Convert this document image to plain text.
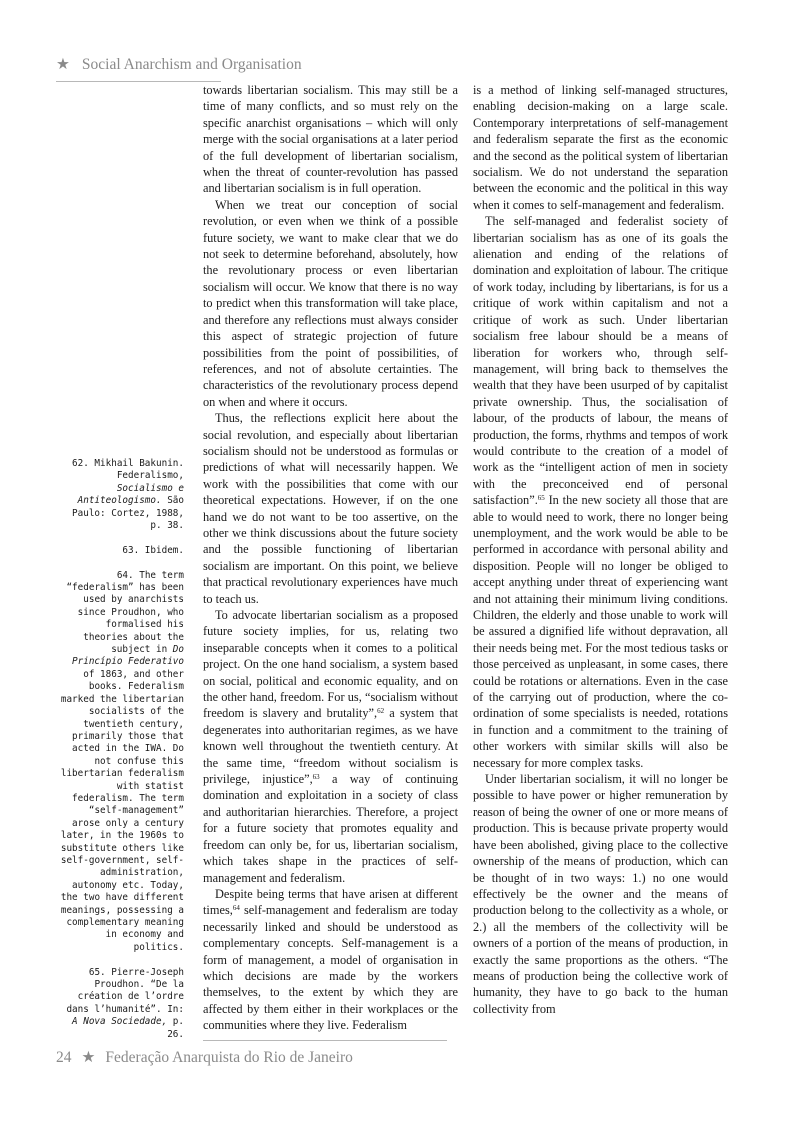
★ Social Anarchism and Organisation
62. Mikhail Bakunin. Federalismo, Socialismo e Antiteologismo. São Paulo: Cortez, 1988, p. 38.
63. Ibidem.
64. The term “federalism” has been used by anarchists since Proudhon, who formalised his theories about the subject in Do Princípio Federativo of 1863, and other books. Federalism marked the libertarian socialists of the twentieth century, primarily those that acted in the IWA. Do not confuse this libertarian federalism with statist federalism. The term “self-management” arose only a century later, in the 1960s to substitute others like self-government, self-administration, autonomy etc. Today, the two have different meanings, possessing a complementary meaning in economy and politics.
65. Pierre-Joseph Proudhon. “De la création de l’ordre dans l’humanité”. In: A Nova Sociedade, p. 26.

towards libertarian socialism. This may still be a time of many conflicts, and so must rely on the specific anarchist organisations – which will only merge with the social organisations at a later period of the full development of libertarian socialism, when the threat of counter-revolution has passed and libertarian socialism is in full operation.

When we treat our conception of social revolution, or even when we think of a possible future society, we want to make clear that we do not seek to determine beforehand, absolutely, how the revolutionary process or even libertarian socialism will occur. We know that there is no way to predict when this transformation will take place, and therefore any reflections must always consider this aspect of strategic projection of future possibilities from the point of possibilities, of references, and not of absolute certainties. The characteristics of the revolutionary process depend on when and where it occurs.

Thus, the reflections explicit here about the social revolution, and especially about libertarian socialism should not be understood as formulas or predictions of what will necessarily happen. We work with the possibilities that come with our theoretical expectations. However, if on the one hand we do not want to be too assertive, on the other we think discussions about the future society and the possible functioning of libertarian socialism are important. On this point, we believe that practical revolutionary experiences have much to teach us.

To advocate libertarian socialism as a proposed future society implies, for us, relating two inseparable concepts when it comes to a political project. On the one hand socialism, a system based on social, political and economic equality, and on the other hand, freedom. For us, “socialism without freedom is slavery and brutality”,$^{62}$ a system that degenerates into authoritarian regimes, as we have known well throughout the twentieth century. At the same time, “freedom without socialism is privilege, injustice”,$^{63}$ a way of continuing domination and exploitation in a society of class and authoritarian hierarchies. Therefore, a project for a future society that promotes equality and freedom can only be, for us, libertarian socialism, which takes shape in the practices of self-management and federalism.

Despite being terms that have arisen at different times,$^{64}$ self-management and federalism are today necessarily linked and should be understood as complementary concepts. Self-management is a form of management, a model of organisation in which decisions are made by the workers themselves, to the extent by which they are affected by them either in their workplaces or the communities where they live. Federalism

is a method of linking self-managed structures, enabling decision-making on a large scale. Contemporary interpretations of self-management and federalism separate the first as the economic and the second as the political system of libertarian socialism. We do not understand the separation between the economic and the political in this way when it comes to self-management and federalism.

The self-managed and federalist society of libertarian socialism has as one of its goals the alienation and ending of the relations of domination and exploitation of labour. The critique of work today, including by libertarians, is for us a critique of work within capitalism and not a critique of work as such. Under libertarian socialism free labour should be a means of liberation for workers who, through self-management, will bring back to themselves the wealth that they have been usurped of by capitalist private ownership. Thus, the socialisation of labour, of the products of labour, the means of production, the forms, rhythms and tempos of work would contribute to the creation of a model of work as the “intelligent action of men in society with the preconceived end of personal satisfaction”.$^{65}$ In the new society all those that are able to would need to work, there no longer being unemployment, and the work would be able to be performed in accordance with personal ability and disposition. People will no longer be obliged to accept anything under threat of experiencing want and not attaining their minimum living conditions. Children, the elderly and those unable to work will be assured a dignified life without depravation, all their needs being met. For the most tedious tasks or those perceived as unpleasant, in some cases, there could be rotations or alternations. Even in the case of the carrying out of production, where the co-ordination of some specialists is needed, rotations in function and a commitment to the training of other workers with similar skills will also be necessary for more complex tasks.

Under libertarian socialism, it will no longer be possible to have power or higher remuneration by reason of being the owner of one or more means of production. This is because private property would have been abolished, giving place to the collective ownership of the means of production, which can be thought of in two ways: 1.) no one would effectively be the owner and the means of production belong to the collectivity as a whole, or 2.) all the members of the collectivity will be owners of a portion of the means of production, in exactly the same proportions as the others. “The means of production being the collective work of humanity, they have to go back to the human collectivity from

24 ★ Federação Anarquista do Rio de Janeiro
